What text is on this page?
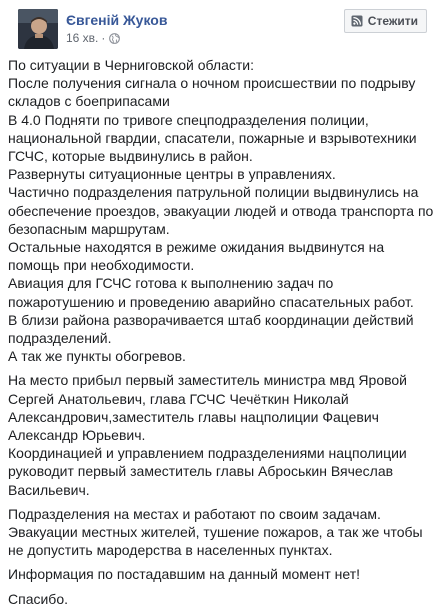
Євгеній Жуков
16 хв. ·
Стежити
По ситуации в Черниговской области:
После получения сигнала о ночном происшествии по подрыву складов с боеприпасами
В 4.0 Подняти по тривоге спецподразделения полиции, национальной гвардии, спасатели, пожарные и взрывотехники ГСЧС, которые выдвинулись в район.
Развернуты ситуационные центры в управлениях.
Частично подразделения патрульной полиции выдвинулись на обеспечение проездов, эвакуации людей и отвода транспорта по безопасным маршрутам.
Остальные находятся в режиме ожидания выдвинутся на помощь при необходимости.
Авиация для ГСЧС готова к выполнению задач по пожаротушению и проведению аварийно спасательных работ.
В близи района разворачивается штаб координации действий подразделений.
А так же пункты обогревов.
На место прибыл первый заместитель министра мвд Яровой Сергей Анатольевич, глава ГСЧС Чечёткин Николай Александрович,заместитель главы нацполиции Фацевич Александр Юрьевич.
Координацией и управлением подразделениями нацполиции руководит первый заместитель главы Аброськин Вячеслав Васильевич.
Подразделения на местах и работают по своим задачам. Эвакуации местных жителей, тушение пожаров, а так же чтобы не допустить мародерства в населенных пунктах.
Информация по постадавшим на данный момент нет!
Спасибо.
